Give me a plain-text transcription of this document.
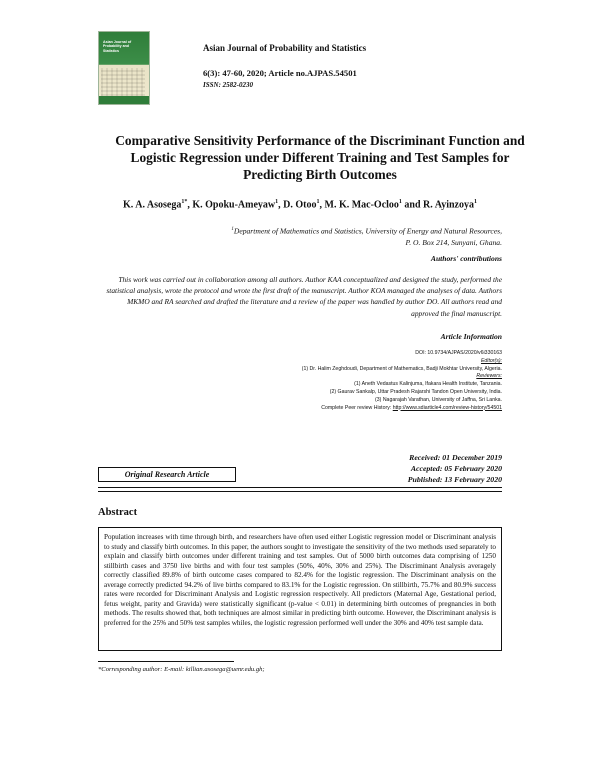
Asian Journal of
Probability and
Statistics	Asian Journal of Probability and Statistics
6(3): 47-60, 2020; Article no.AJPAS.54501
ISSN: 2582-0230
Comparative Sensitivity Performance of the Discriminant Function and Logistic Regression under Different Training and Test Samples for Predicting Birth Outcomes
K. A. Asosega$^{1*}$, K. Opoku-Ameyaw$^1$, D. Otoo$^1$, M. K. Mac-Ocloo$^1$ and R. Ayinzoya$^1$
$^1$Department of Mathematics and Statistics, University of Energy and Natural Resources,
P. O. Box 214, Sunyani, Ghana.
Authors' contributions
This work was carried out in collaboration among all authors. Author KAA conceptualized and designed the study, performed the statistical analysis, wrote the protocol and wrote the first draft of the manuscript. Author KOA managed the analyses of data. Authors MKMO and RA searched and drafted the literature and a review of the paper was handled by author DO. All authors read and approved the final manuscript.
Article Information
DOI: 10.9734/AJPAS/2020/v6i330163
Editor(s):
(1) Dr. Halim Zeghdoudi, Department of Mathematics, Badji Mokhtar University, Algeria.
Reviewers:
(1) Aneth Vedastus Kalinjuma, Ifakara Health Institute, Tanzania.
(2) Gaurav Sankalp, Uttar Pradesh Rajarshi Tandon Open University, India.
(3) Nagarajah Varathan, University of Jaffna, Sri Lanka.
Complete Peer review History: http://www.sdiarticle4.com/review-history/54501
Received: 01 December 2019
Accepted: 05 February 2020
Published: 13 February 2020
Original Research Article
Abstract
Population increases with time through birth, and researchers have often used either Logistic regression model or Discriminant analysis to study and classify birth outcomes. In this paper, the authors sought to investigate the sensitivity of the two methods used separately to explain and classify birth outcomes under different training and test samples. Out of 5000 birth outcomes data comprising of 1250 stillbirth cases and 3750 live births and with four test samples (50%, 40%, 30% and 25%). The Discriminant Analysis averagely correctly classified 89.8% of birth outcome cases compared to 82.4% for the logistic regression. The Discriminant analysis on the average correctly predicted 94.2% of live births compared to 83.1% for the Logistic regression. On stillbirth, 75.7% and 80.9% success rates were recorded for Discriminant Analysis and Logistic regression respectively. All predictors (Maternal Age, Gestational period, fetus weight, parity and Gravida) were statistically significant (p-value < 0.01) in determining birth outcomes of pregnancies in both methods. The results showed that, both techniques are almost similar in predicting birth outcome. However, the Discriminant analysis is preferred for the 25% and 50% test samples whiles, the logistic regression performed well under the 30% and 40% test sample data.
*Corresponding author: E-mail: killian.asosega@uenr.edu.gh;
